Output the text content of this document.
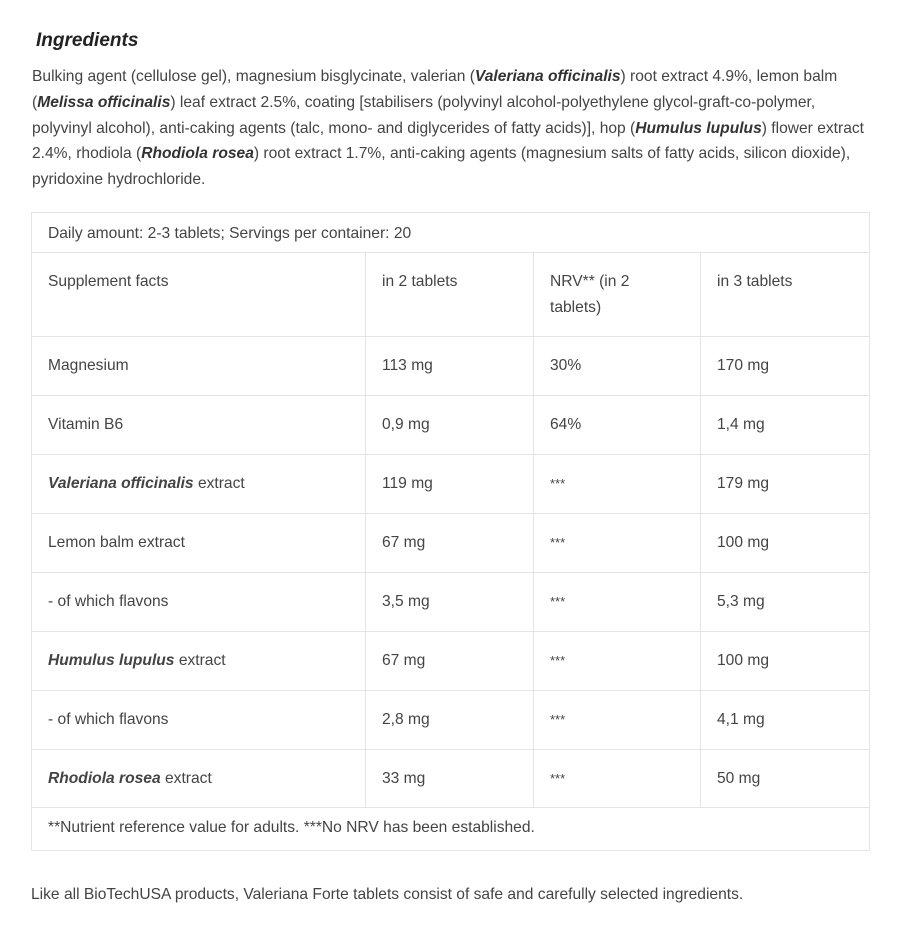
Ingredients

Bulking agent (cellulose gel), magnesium bisglycinate, valerian (Valeriana officinalis) root extract 4.9%, lemon balm (Melissa officinalis) leaf extract 2.5%, coating [stabilisers (polyvinyl alcohol-polyethylene glycol-graft-co-polymer, polyvinyl alcohol), anti-caking agents (talc, mono- and diglycerides of fatty acids)], hop (Humulus lupulus) flower extract 2.4%, rhodiola (Rhodiola rosea) root extract 1.7%, anti-caking agents (magnesium salts of fatty acids, silicon dioxide), pyridoxine hydrochloride.

Daily amount: 2-3 tablets; Servings per container: 20			
Supplement facts	in 2 tablets	NRV** (in 2 tablets)	in 3 tablets
Magnesium	113 mg	30%	170 mg
Vitamin B6	0,9 mg	64%	1,4 mg
Valeriana officinalis extract	119 mg	***	179 mg
Lemon balm extract	67 mg	***	100 mg
- of which flavons	3,5 mg	***	5,3 mg
Humulus lupulus extract	67 mg	***	100 mg
- of which flavons	2,8 mg	***	4,1 mg
Rhodiola rosea extract	33 mg	***	50 mg
**Nutrient reference value for adults. ***No NRV has been established.			

Like all BioTechUSA products, Valeriana Forte tablets consist of safe and carefully selected ingredients.
